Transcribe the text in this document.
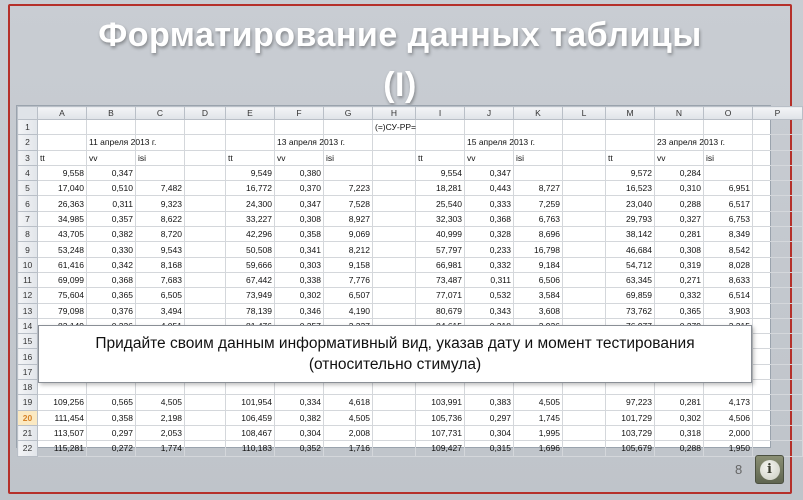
Форматирование данных таблицы
(I)
	A	B	C	D	E	F	G	H	I	J	K	L	M	N	O	P
1								(=)СУ-РР=								
2		11 апреля 2013 г.				13 апреля 2013 г.				15 апреля 2013 г.				23 апреля 2013 г.		
3	tt	vv	isi		tt	vv	isi		tt	vv	isi		tt	vv	isi	
4	9,558	0,347			9,549	0,380			9,554	0,347			9,572	0,284		
5	17,040	0,510	7,482		16,772	0,370	7,223		18,281	0,443	8,727		16,523	0,310	6,951	
6	26,363	0,311	9,323		24,300	0,347	7,528		25,540	0,333	7,259		23,040	0,288	6,517	
7	34,985	0,357	8,622		33,227	0,308	8,927		32,303	0,368	6,763		29,793	0,327	6,753	
8	43,705	0,382	8,720		42,296	0,358	9,069		40,999	0,328	8,696		38,142	0,281	8,349	
9	53,248	0,330	9,543		50,508	0,341	8,212		57,797	0,233	16,798		46,684	0,308	8,542	
10	61,416	0,342	8,168		59,666	0,303	9,158		66,981	0,332	9,184		54,712	0,319	8,028	
11	69,099	0,368	7,683		67,442	0,338	7,776		73,487	0,311	6,506		63,345	0,271	8,633	
12	75,604	0,365	6,505		73,949	0,302	6,507		77,071	0,532	3,584		69,859	0,332	6,514	
13	79,098	0,376	3,494		78,139	0,346	4,190		80,679	0,343	3,608		73,762	0,365	3,903	
14																
15																
16																
17																
18																
19	109,256	0,565	4,505		101,954	0,334	4,618		103,991	0,383	4,505		97,223	0,281	4,173	
20	111,454	0,358	2,198		106,459	0,382	4,505		105,736	0,297	1,745		101,729	0,302	4,506	
21	113,507	0,297	2,053		108,467	0,304	2,008		107,731	0,304	1,995		103,729	0,318	2,000	
22	115,281	0,272	1,774		110,183	0,352	1,716		109,427	0,315	1,696		105,679	0,288	1,950	
Придайте своим данным информативный вид, указав дату и момент тестирования (относительно стимула)
8	i
